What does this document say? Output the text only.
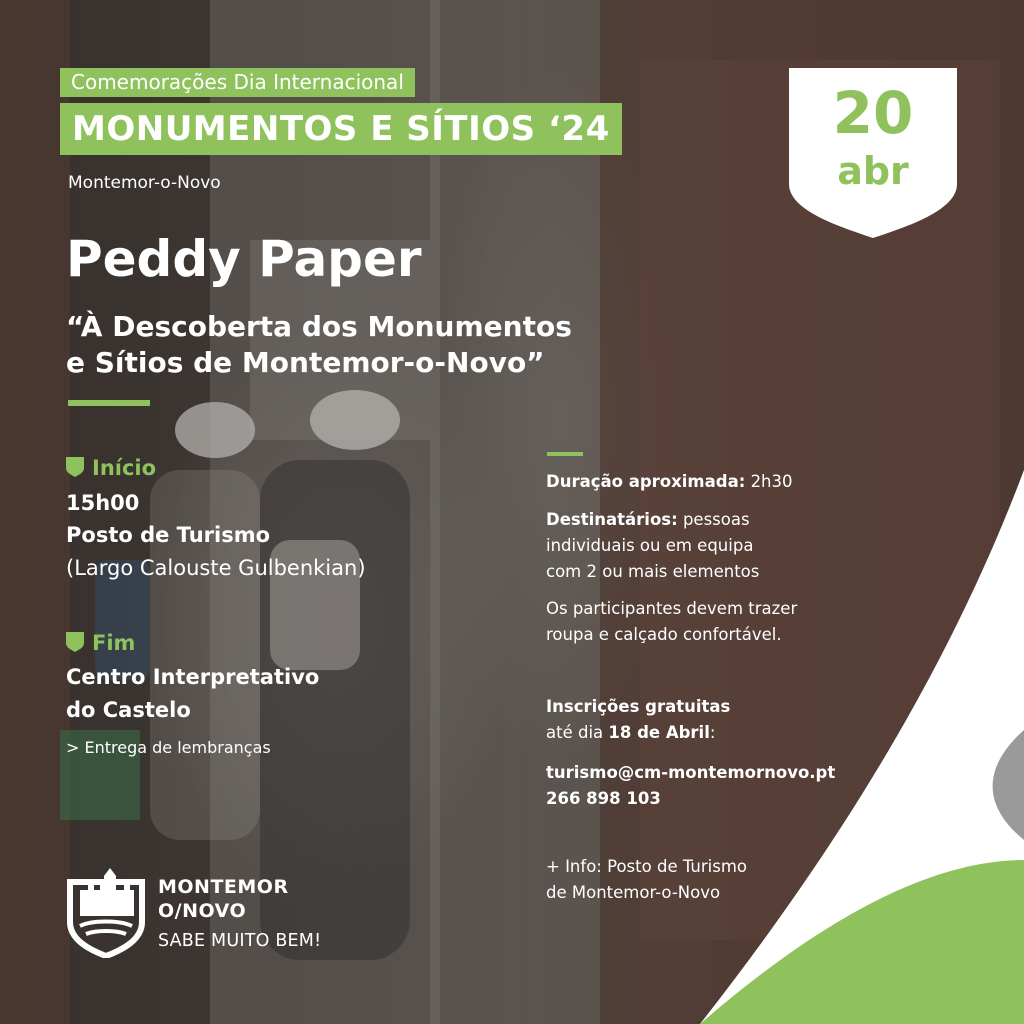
Comemorações Dia Internacional
MONUMENTOS E SÍTIOS ‘24
Montemor-o-Novo
20
abr
Peddy Paper
“À Descoberta dos Monumentos
e Sítios de Montemor-o-Novo”
Início
15h00
Posto de Turismo
(Largo Calouste Gulbenkian)
Fim
Centro Interpretativo
do Castelo
> Entrega de lembranças
Duração aproximada: 2h30
Destinatários: pessoas
individuais ou em equipa
com 2 ou mais elementos
Os participantes devem trazer
roupa e calçado confortável.
Inscrições gratuitas
até dia 18 de Abril:
turismo@cm-montemornovo.pt
266 898 103
+ Info: Posto de Turismo
de Montemor-o-Novo
MONTEMOR
O/NOVO
SABE MUITO BEM!
